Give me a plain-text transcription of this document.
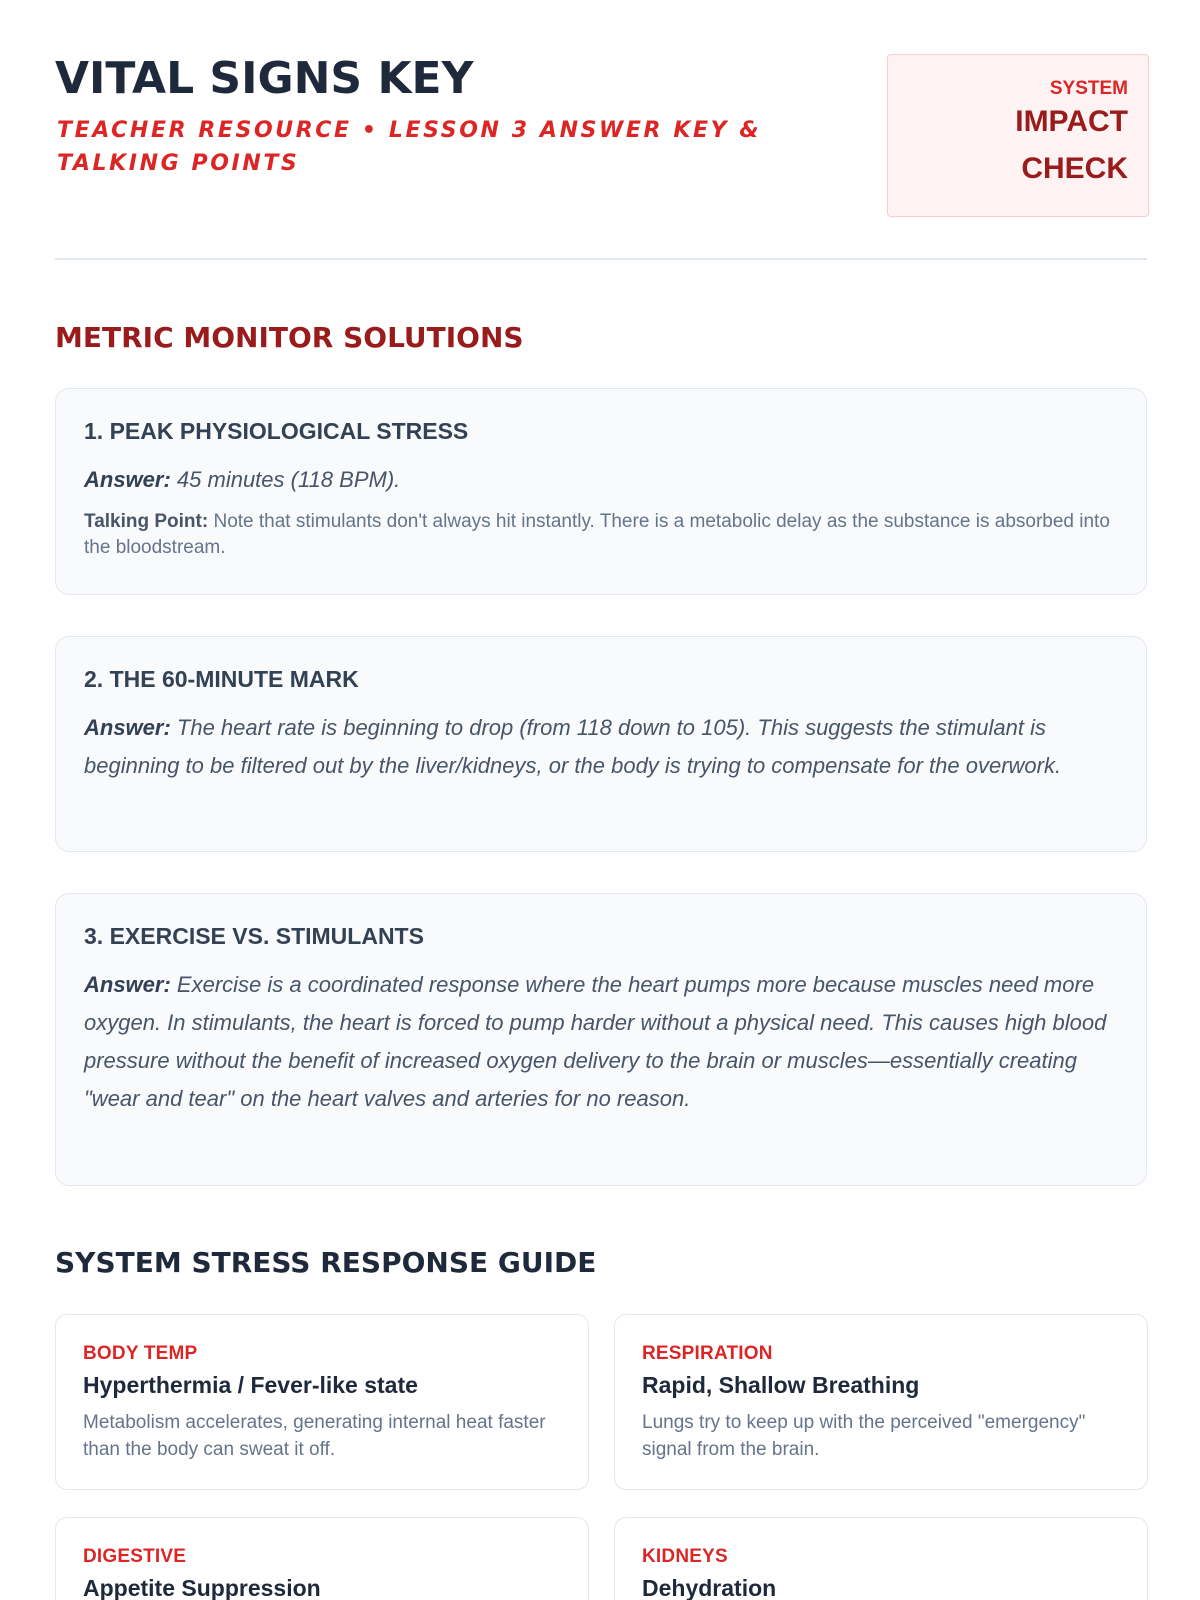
VITAL SIGNS KEY
TEACHER RESOURCE • LESSON 3 ANSWER KEY & TALKING POINTS
SYSTEM
IMPACT
CHECK
METRIC MONITOR SOLUTIONS
1. PEAK PHYSIOLOGICAL STRESS
Answer: 45 minutes (118 BPM).
Talking Point: Note that stimulants don't always hit instantly. There is a metabolic delay as the substance is absorbed into the bloodstream.
2. THE 60-MINUTE MARK
Answer: The heart rate is beginning to drop (from 118 down to 105). This suggests the stimulant is beginning to be filtered out by the liver/kidneys, or the body is trying to compensate for the overwork.
3. EXERCISE VS. STIMULANTS
Answer: Exercise is a coordinated response where the heart pumps more because muscles need more oxygen. In stimulants, the heart is forced to pump harder without a physical need. This causes high blood pressure without the benefit of increased oxygen delivery to the brain or muscles—essentially creating "wear and tear" on the heart valves and arteries for no reason.
SYSTEM STRESS RESPONSE GUIDE
BODY TEMP
Hyperthermia / Fever-like state
Metabolism accelerates, generating internal heat faster than the body can sweat it off.
RESPIRATION
Rapid, Shallow Breathing
Lungs try to keep up with the perceived "emergency" signal from the brain.
DIGESTIVE
Appetite Suppression
KIDNEYS
Dehydration
